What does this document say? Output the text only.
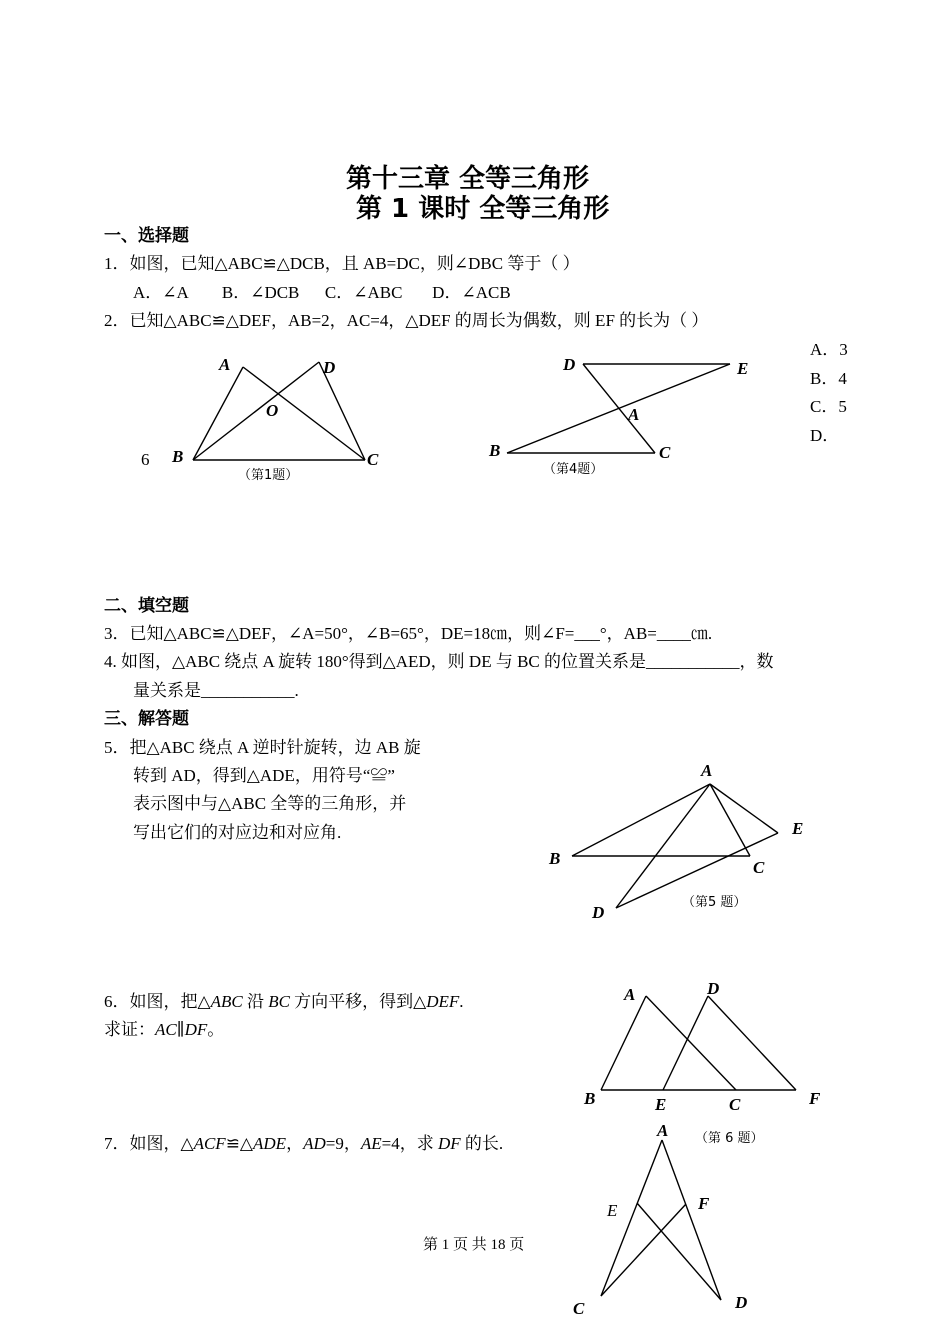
第十三章 全等三角形
第 1 课时 全等三角形
一、选择题
1．如图，已知△ABC≌△DCB，且 AB=DC，则∠DBC 等于（ ）
A．∠A        B．∠DCB      C．∠ABC       D．∠ACB
2．已知△ABC≌△DEF，AB=2，AC=4，△DEF 的周长为偶数，则 EF 的长为（ ）
A．3
B．4
C．5
D．
6
A	D
O
B	C
（第1题）
D	E
A
B	C
（第4题）
A
E
B	C
D
（第5 题）
A	D
B	E	C	F
（第 6 题）
A
E	F
C	D
二、填空题
3．已知△ABC≌△DEF，∠A=50°，∠B=65°，DE=18㎝，则∠F=___°，AB=____㎝.
4. 如图，△ABC 绕点 A 旋转 180°得到△AED，则 DE 与 BC 的位置关系是___________，数
量关系是___________.
三、解答题
5．把△ABC 绕点 A 逆时针旋转，边 AB 旋
转到 AD，得到△ADE，用符号“≌”
表示图中与△ABC 全等的三角形，并
写出它们的对应边和对应角.
6．如图，把△ABC 沿 BC 方向平移，得到△DEF.
求证：AC∥DF。
7．如图，△ACF≌△ADE，AD=9，AE=4，求 DF 的长.
第 1 页 共 18 页
